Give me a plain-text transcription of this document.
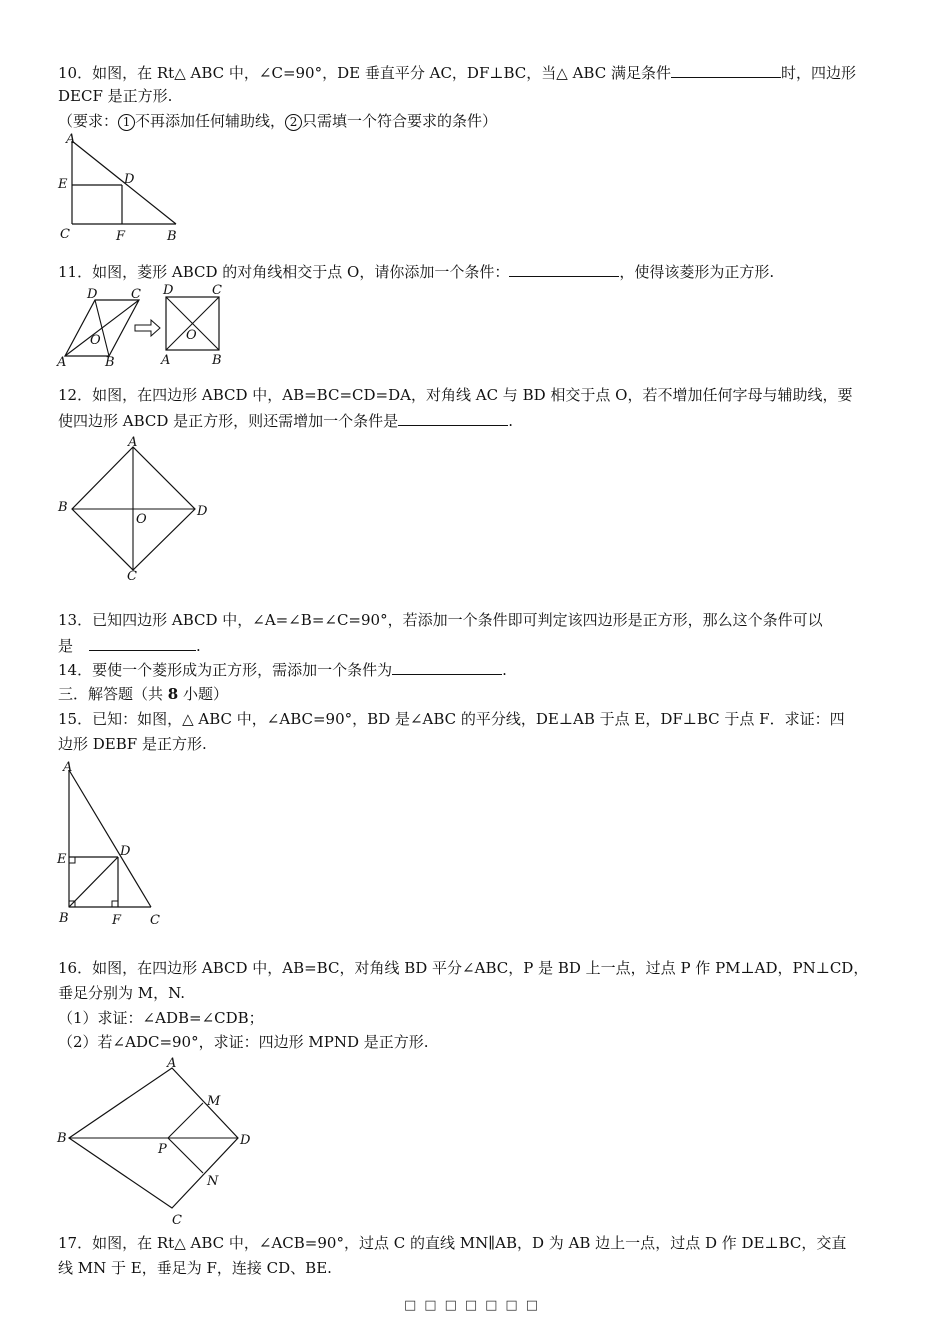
10．如图，在 Rt△ ABC 中，∠C=90°，DE 垂直平分 AC，DF⊥BC，当△ ABC 满足条件	时，四边形
DECF 是正方形.
（要求： 1 不再添加任何辅助线， 2 只需填一个符合要求的条件）
A
E	D
C	F	B
11．如图，菱形 ABCD 的对角线相交于点 O，请你添加一个条件：	，使得该菱形为正方形.
A	B
C
D
O
A	B
C
D
O
12．如图，在四边形 ABCD 中，AB=BC=CD=DA，对角线 AC 与 BD 相交于点 O，若不增加任何字母与辅助线，要
使四边形 ABCD 是正方形，则还需增加一个条件是	.
A
B
C
D
O
13．已知四边形 ABCD 中，∠A=∠B=∠C=90°，若添加一个条件即可判定该四边形是正方形，那么这个条件可以
是	.
14．要使一个菱形成为正方形，需添加一个条件为	.
三．解答题（共 8 小题）
15．已知：如图，△ ABC 中，∠ABC=90°，BD 是∠ABC 的平分线，DE⊥AB 于点 E，DF⊥BC 于点 F．求证：四
边形 DEBF 是正方形.
A
E
D
B	F C
16．如图，在四边形 ABCD 中，AB=BC，对角线 BD 平分∠ABC，P 是 BD 上一点，过点 P 作 PM⊥AD，PN⊥CD，
垂足分别为 M，N.
（1）求证：∠ADB=∠CDB；
（2）若∠ADC=90°，求证：四边形 MPND 是正方形.
A
B
C
D
P
M
N
17．如图，在 Rt△ ABC 中，∠ACB=90°，过点 C 的直线 MN∥AB，D 为 AB 边上一点，过点 D 作 DE⊥BC，交直
线 MN 于 E，垂足为 F，连接 CD、BE.
□□□□□□□
